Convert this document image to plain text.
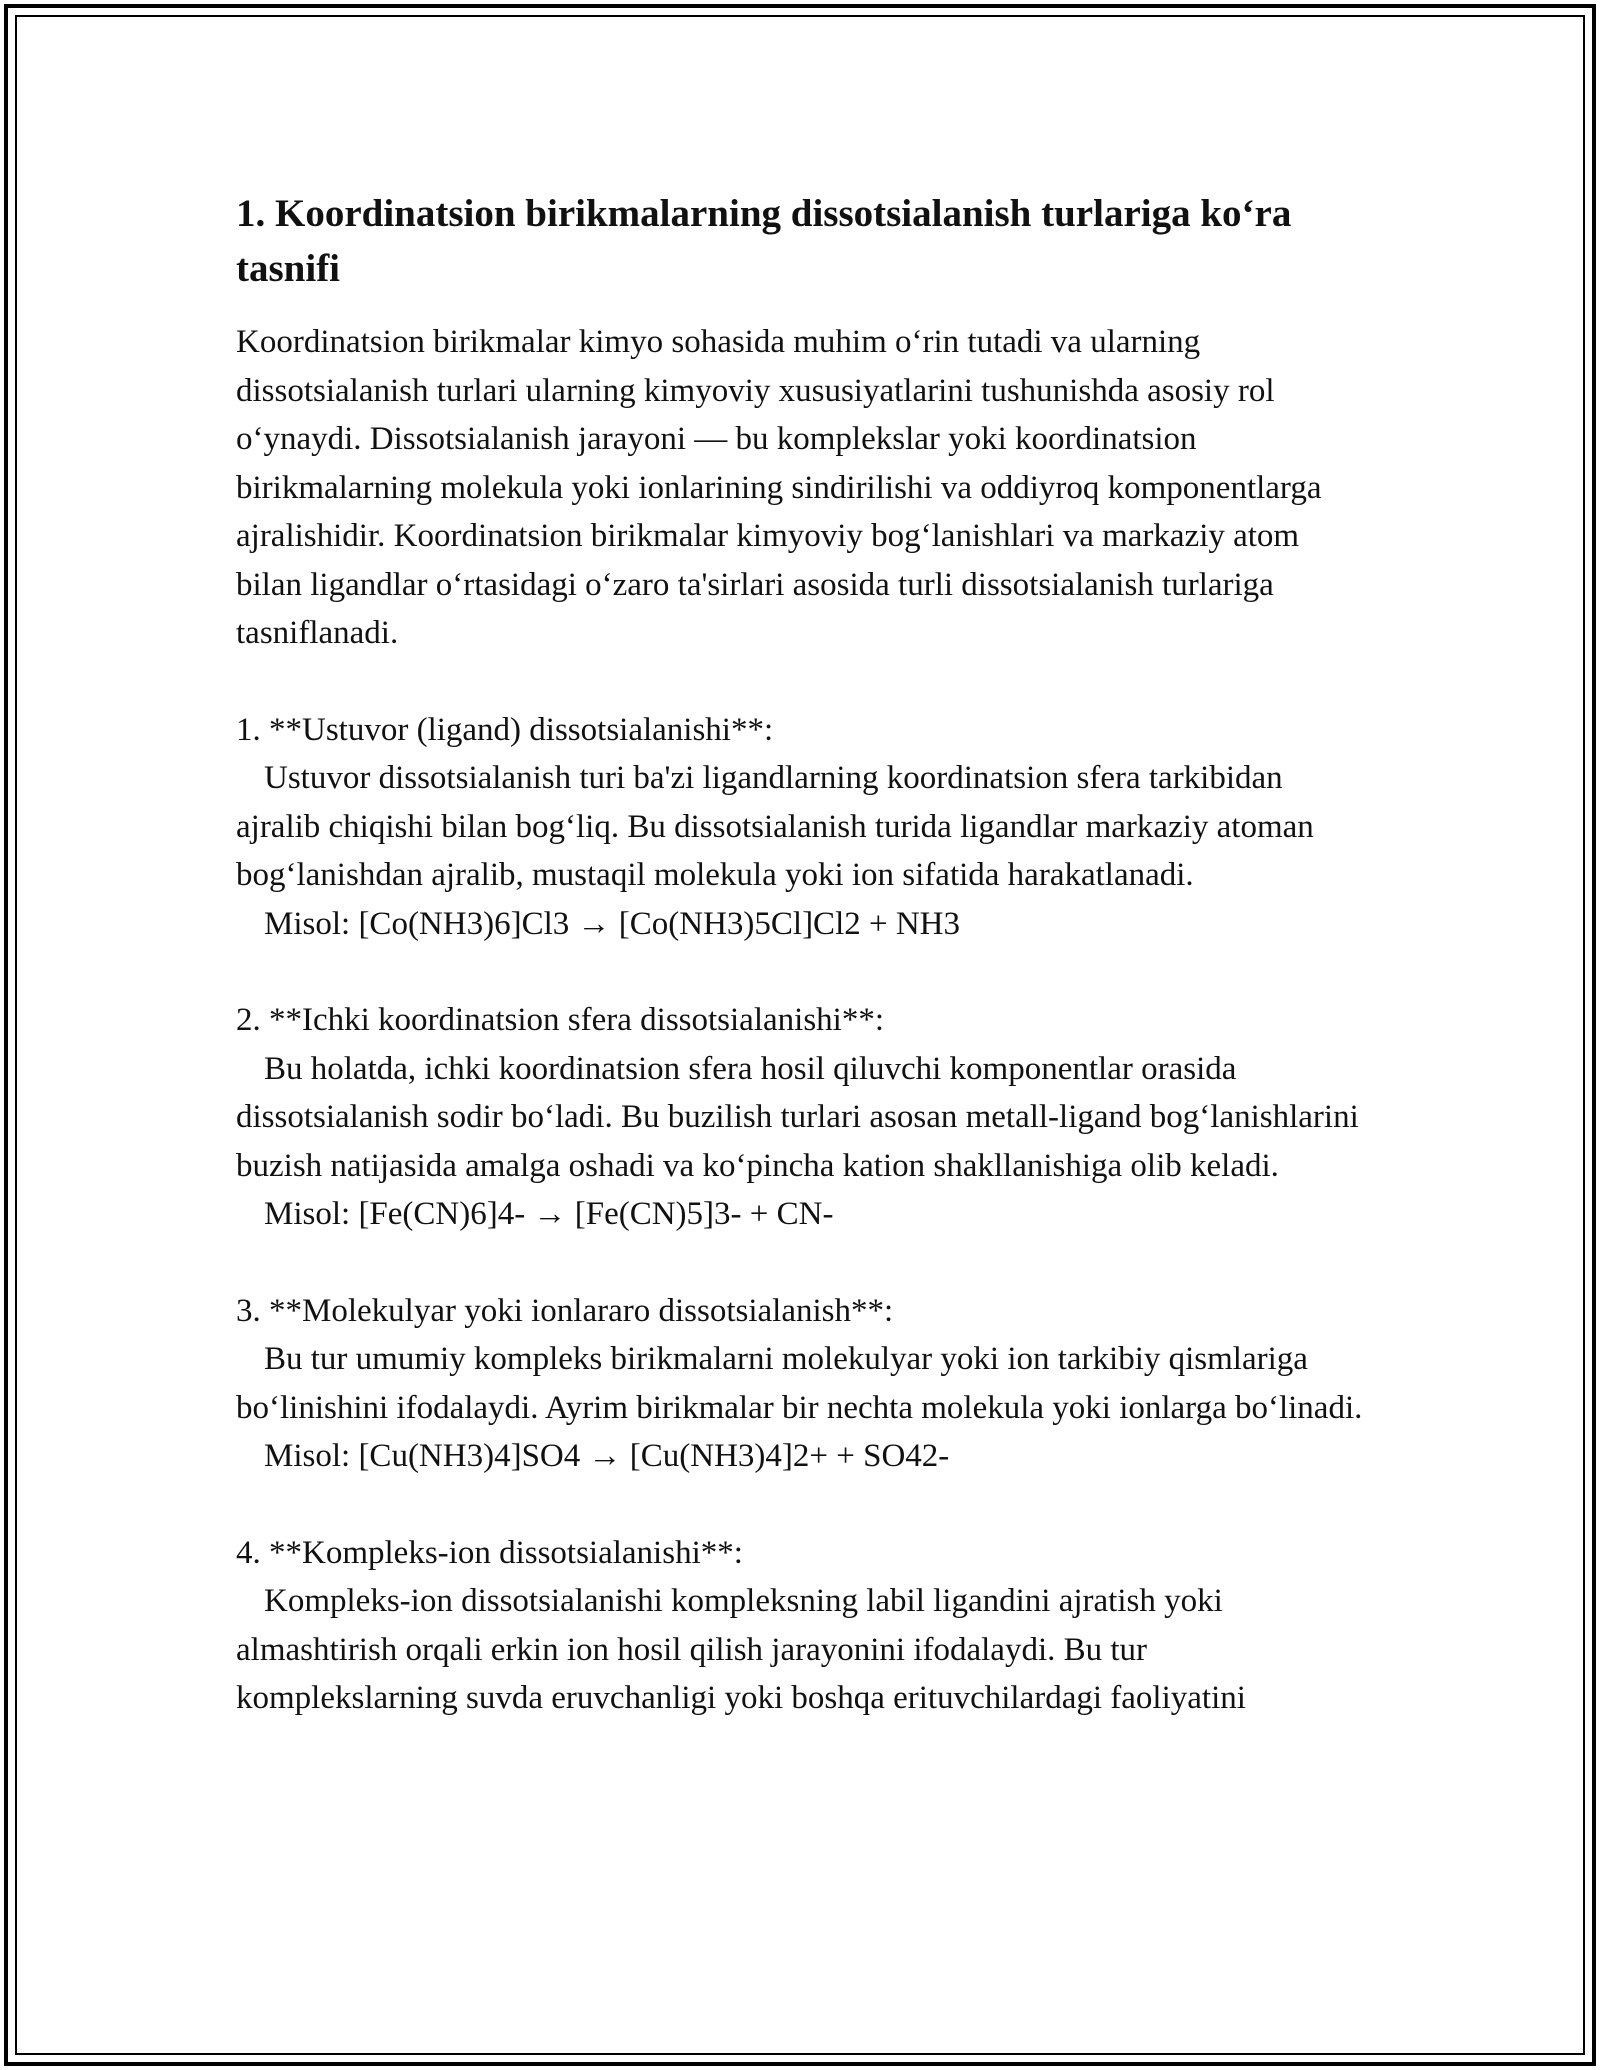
1. Koordinatsion birikmalarning dissotsialanish turlariga ko‘ra tasnifi

Koordinatsion birikmalar kimyo sohasida muhim o‘rin tutadi va ularning dissotsialanish turlari ularning kimyoviy xususiyatlarini tushunishda asosiy rol o‘ynaydi. Dissotsialanish jarayoni — bu komplekslar yoki koordinatsion birikmalarning molekula yoki ionlarining sindirilishi va oddiyroq komponentlarga ajralishidir. Koordinatsion birikmalar kimyoviy bog‘lanishlari va markaziy atom bilan ligandlar o‘rtasidagi o‘zaro ta'sirlari asosida turli dissotsialanish turlariga tasniflanadi.

1. **Ustuvor (ligand) dissotsialanishi**:

Ustuvor dissotsialanish turi ba'zi ligandlarning koordinatsion sfera tarkibidan ajralib chiqishi bilan bog‘liq. Bu dissotsialanish turida ligandlar markaziy atoman bog‘lanishdan ajralib, mustaqil molekula yoki ion sifatida harakatlanadi.

Misol: [Co(NH3)6]Cl3 → [Co(NH3)5Cl]Cl2 + NH3

2. **Ichki koordinatsion sfera dissotsialanishi**:

Bu holatda, ichki koordinatsion sfera hosil qiluvchi komponentlar orasida dissotsialanish sodir bo‘ladi. Bu buzilish turlari asosan metall-ligand bog‘lanishlarini buzish natijasida amalga oshadi va ko‘pincha kation shakllanishiga olib keladi.

Misol: [Fe(CN)6]4- → [Fe(CN)5]3- + CN-

3. **Molekulyar yoki ionlararo dissotsialanish**:

Bu tur umumiy kompleks birikmalarni molekulyar yoki ion tarkibiy qismlariga bo‘linishini ifodalaydi. Ayrim birikmalar bir nechta molekula yoki ionlarga bo‘linadi.

Misol: [Cu(NH3)4]SO4 → [Cu(NH3)4]2+ + SO42-

4. **Kompleks-ion dissotsialanishi**:

Kompleks-ion dissotsialanishi kompleksning labil ligandini ajratish yoki almashtirish orqali erkin ion hosil qilish jarayonini ifodalaydi. Bu tur komplekslarning suvda eruvchanligi yoki boshqa erituvchilardagi faoliyatini
